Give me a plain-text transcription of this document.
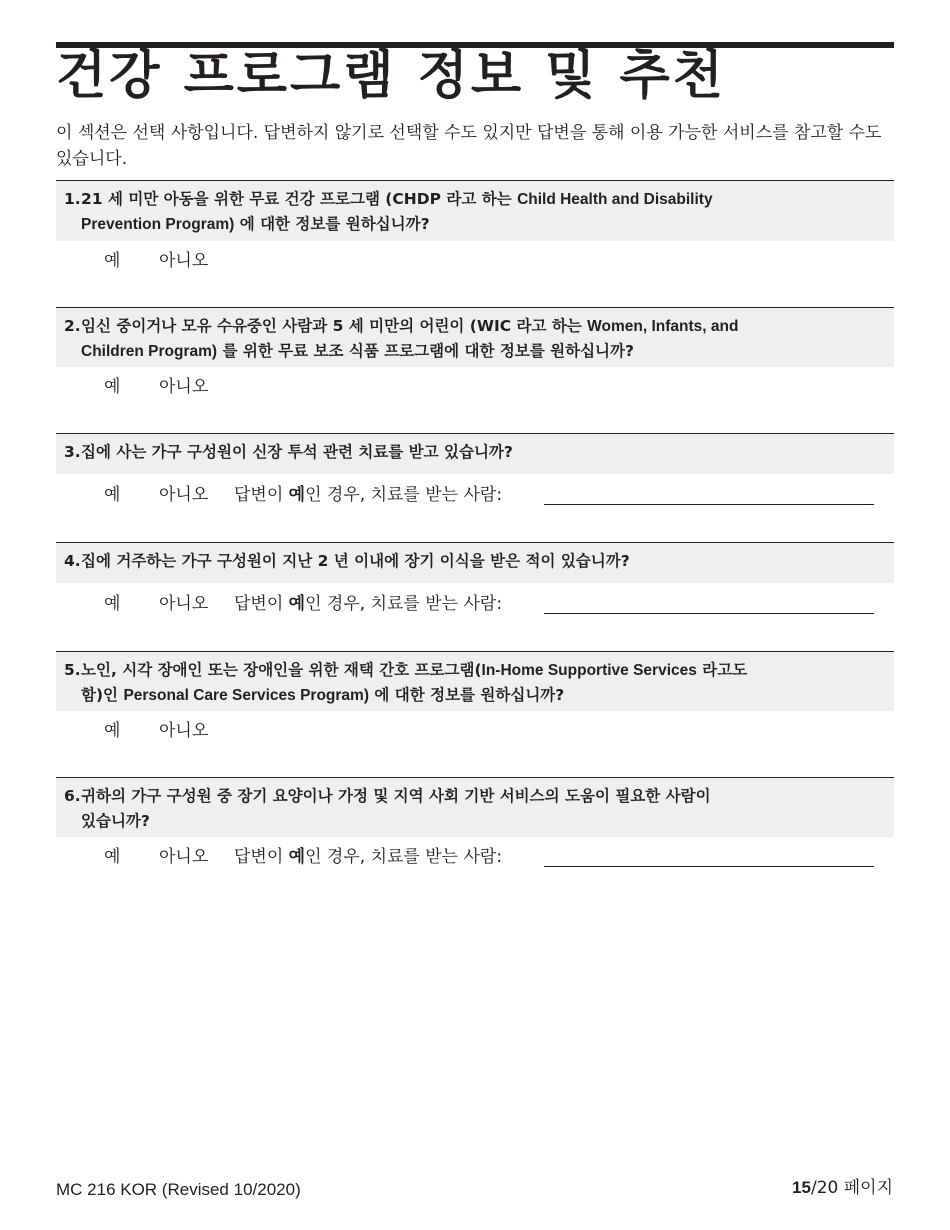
건강 프로그램 정보 및 추천
이 섹션은 선택 사항입니다. 답변하지 않기로 선택할 수도 있지만 답변을 통해 이용 가능한 서비스를 참고할 수도 있습니다.
1.21 세 미만 아동을 위한 무료 건강 프로그램 (CHDP 라고 하는 Child Health and Disability
Prevention Program) 에 대한 정보를 원하십니까?
예 아니오
2.임신 중이거나 모유 수유중인 사람과 5 세 미만의 어린이 (WIC 라고 하는 Women, Infants, and
Children Program) 를 위한 무료 보조 식품 프로그램에 대한 정보를 원하십니까?
예 아니오
3.집에 사는 가구 구성원이 신장 투석 관련 치료를 받고 있습니까?
예 아니오 답변이 예인 경우, 치료를 받는 사람:
4.집에 거주하는 가구 구성원이 지난 2 년 이내에 장기 이식을 받은 적이 있습니까?
예 아니오 답변이 예인 경우, 치료를 받는 사람:
5.노인, 시각 장애인 또는 장애인을 위한 재택 간호 프로그램(In-Home Supportive Services 라고도
함)인 Personal Care Services Program) 에 대한 정보를 원하십니까?
예 아니오
6.귀하의 가구 구성원 중 장기 요양이나 가정 및 지역 사회 기반 서비스의 도움이 필요한 사람이
있습니까?
예 아니오 답변이 예인 경우, 치료를 받는 사람:
MC 216 KOR (Revised 10/2020)	15/20 페이지
